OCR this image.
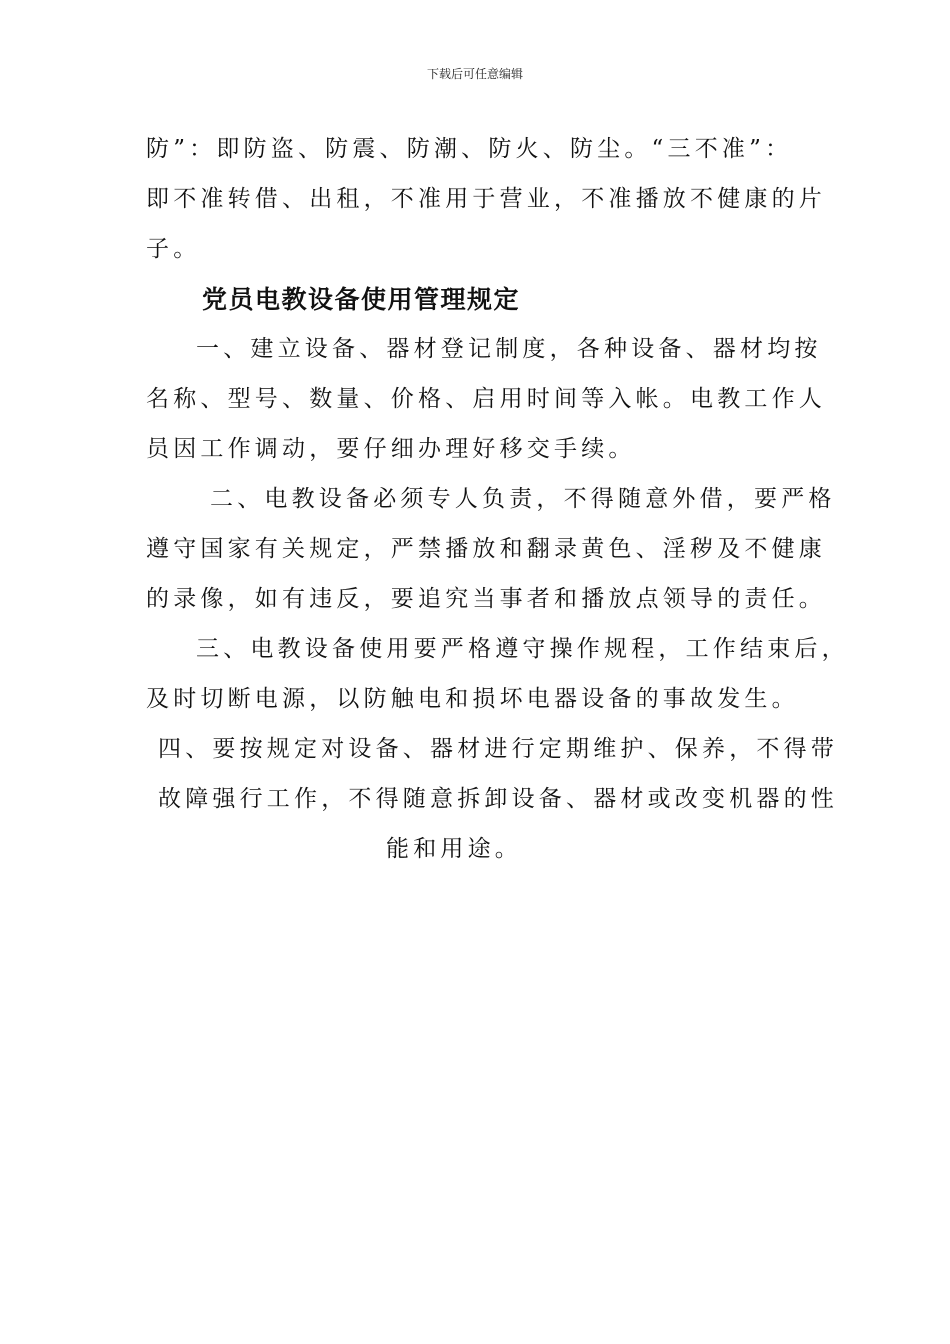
下载后可任意编辑
防”：即防盗、防震、防潮、防火、防尘。“三不准”：
即不准转借、出租，不准用于营业，不准播放不健康的片
子。
党员电教设备使用管理规定
一、建立设备、器材登记制度，各种设备、器材均按
名称、型号、数量、价格、启用时间等入帐。电教工作人
员因工作调动，要仔细办理好移交手续。
二、电教设备必须专人负责，不得随意外借，要严格
遵守国家有关规定，严禁播放和翻录黄色、淫秽及不健康
的录像，如有违反，要追究当事者和播放点领导的责任。
三、电教设备使用要严格遵守操作规程，工作结束后，
及时切断电源，以防触电和损坏电器设备的事故发生。
四、要按规定对设备、器材进行定期维护、保养，不得带
故障强行工作，不得随意拆卸设备、器材或改变机器的性
能和用途。
